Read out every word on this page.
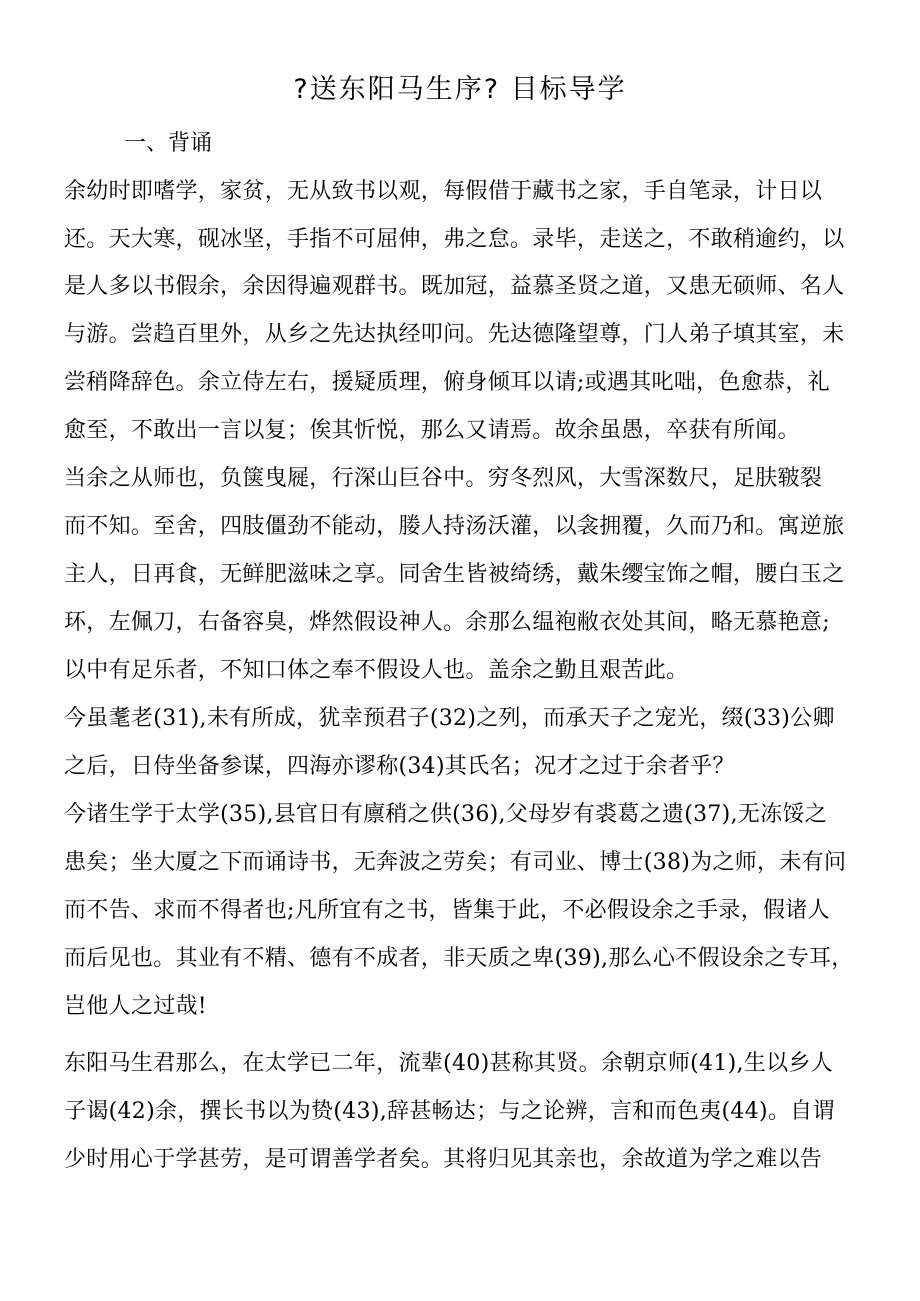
?送东阳马生序? 目标导学
一、背诵
余幼时即嗜学，家贫，无从致书以观，每假借于藏书之家，手自笔录，计日以
还。天大寒，砚冰坚，手指不可屈伸，弗之怠。录毕，走送之，不敢稍逾约，以
是人多以书假余，余因得遍观群书。既加冠，益慕圣贤之道，又患无硕师、名人
与游。尝趋百里外，从乡之先达执经叩问。先达德隆望尊，门人弟子填其室，未
尝稍降辞色。余立侍左右，援疑质理，俯身倾耳以请;或遇其叱咄，色愈恭，礼
愈至，不敢出一言以复；俟其忻悦，那么又请焉。故余虽愚，卒获有所闻。
当余之从师也，负箧曳屣，行深山巨谷中。穷冬烈风，大雪深数尺，足肤皲裂
而不知。至舍，四肢僵劲不能动，媵人持汤沃灌，以衾拥覆，久而乃和。寓逆旅
主人，日再食，无鲜肥滋味之享。同舍生皆被绮绣，戴朱缨宝饰之帽，腰白玉之
环，左佩刀，右备容臭，烨然假设神人。余那么缊袍敝衣处其间，略无慕艳意;
以中有足乐者，不知口体之奉不假设人也。盖余之勤且艰苦此。
今虽耄老(31),未有所成，犹幸预君子(32)之列，而承天子之宠光，缀(33)公卿
之后，日侍坐备参谋，四海亦谬称(34)其氏名；况才之过于余者乎？
今诸生学于太学(35),县官日有廪稍之供(36),父母岁有裘葛之遗(37),无冻馁之
患矣；坐大厦之下而诵诗书，无奔波之劳矣；有司业、博士(38)为之师，未有问
而不告、求而不得者也;凡所宜有之书，皆集于此，不必假设余之手录，假诸人
而后见也。其业有不精、德有不成者，非天质之卑(39),那么心不假设余之专耳，
岂他人之过哉!
东阳马生君那么，在太学已二年，流辈(40)甚称其贤。余朝京师(41),生以乡人
子谒(42)余，撰长书以为贽(43),辞甚畅达；与之论辨，言和而色夷(44)。自谓
少时用心于学甚劳，是可谓善学者矣。其将归见其亲也，余故道为学之难以告
